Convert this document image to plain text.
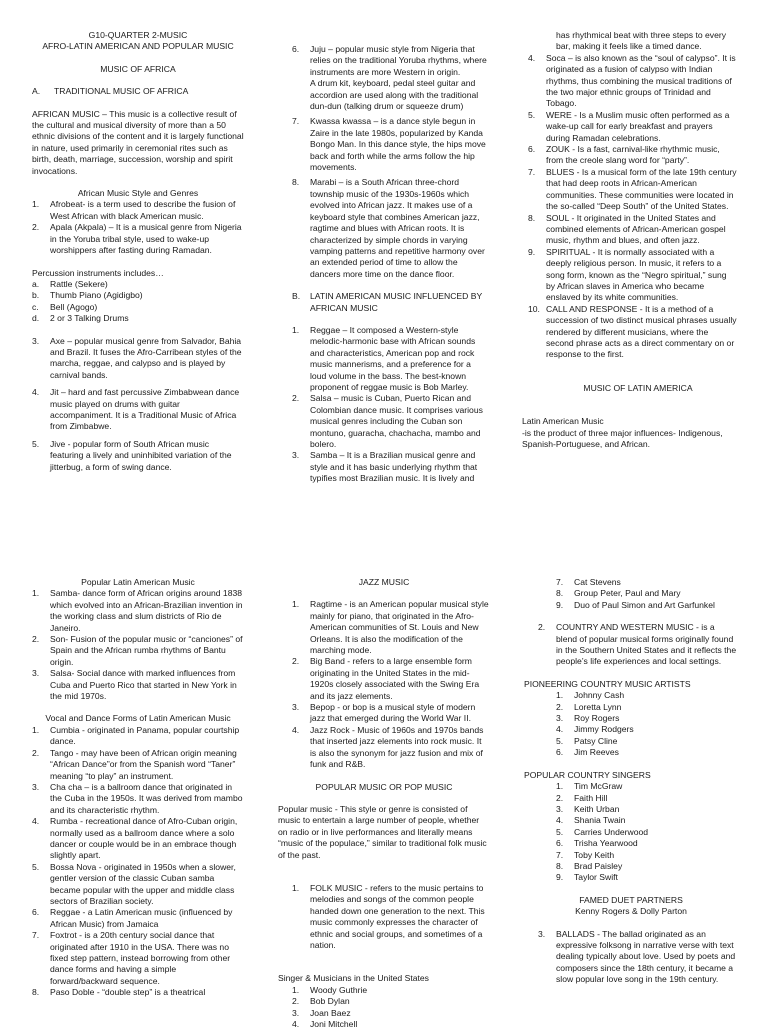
G10-QUARTER 2-MUSIC

AFRO-LATIN AMERICAN AND POPULAR MUSIC

MUSIC OF AFRICA

A. TRADITIONAL MUSIC OF AFRICA

AFRICAN MUSIC – This music is a collective result of the cultural and musical diversity of more than a 50 ethnic divisions of the content and it is largely functional in nature, used primarily in ceremonial rites such as birth, death, marriage, succession, worship and spirit invocations.

African Music Style and Genres

1. Afrobeat- is a term used to describe the fusion of West African with black American music.
2. Apala (Akpala) – It is a musical genre from Nigeria in the Yoruba tribal style, used to wake-up worshippers after fasting during Ramadan.

Percussion instruments includes…

a. Rattle (Sekere)
b. Thumb Piano (Agidigbo)
c. Bell (Agogo)
d. 2 or 3 Talking Drums
3. Axe – popular musical genre from Salvador, Bahia and Brazil. It fuses the Afro-Carribean styles of the marcha, reggae, and calypso and is played by carnival bands.
4. Jit – hard and fast percussive Zimbabwean dance music played on drums with guitar accompaniment. It is a Traditional Music of Africa from Zimbabwe.
5. Jive - popular form of South African music featuring a lively and uninhibited variation of the jitterbug, a form of swing dance.
6. Juju – popular music style from Nigeria that relies on the traditional Yoruba rhythms, where instruments are more Western in origin.
A drum kit, keyboard, pedal steel guitar and accordion are used along with the traditional dun-dun (talking drum or squeeze drum)
7. Kwassa kwassa – is a dance style begun in Zaire in the late 1980s, popularized by Kanda Bongo Man. In this dance style, the hips move back and forth while the arms follow the hip movements.
8. Marabi – is a South African three-chord township music of the 1930s-1960s which evolved into African jazz. It makes use of a keyboard style that combines American jazz, ragtime and blues with African roots. It is characterized by simple chords in varying vamping patterns and repetitive harmony over an extended period of time to allow the dancers more time on the dance floor.
B. LATIN AMERICAN MUSIC INFLUENCED BY AFRICAN MUSIC
1. Reggae – It composed a Western-style melodic-harmonic base with African sounds and characteristics, American pop and rock music mannerisms, and a preference for a loud volume in the bass. The best-known proponent of reggae music is Bob Marley.
2. Salsa – music is Cuban, Puerto Rican and Colombian dance music. It comprises various musical genres including the Cuban son montuno, guaracha, chachacha, mambo and bolero.
3. Samba – It is a Brazilian musical genre and style and it has basic underlying rhythm that typifies most Brazilian music. It is lively and

has rhythmical beat with three steps to every bar, making it feels like a timed dance.

4. Soca – is also known as the “soul of calypso”. It is originated as a fusion of calypso with Indian rhythms, thus combining the musical traditions of the two major ethnic groups of Trinidad and Tobago.
5. WERE - Is a Muslim music often performed as a wake-up call for early breakfast and prayers during Ramadan celebrations.
6. ZOUK - Is a fast, carnival-like rhythmic music, from the creole slang word for “party”.
7. BLUES - Is a musical form of the late 19th century that had deep roots in African-American communities. These communities were located in the so-called “Deep South” of the United States.
8. SOUL - It originated in the United States and combined elements of African-American gospel music, rhythm and blues, and often jazz.
9. SPIRITUAL - It is normally associated with a deeply religious person. In music, it refers to a song form, known as the “Negro spiritual,” sung by African slaves in America who became enslaved by its white communities.
10. CALL AND RESPONSE - It is a method of a succession of two distinct musical phrases usually rendered by different musicians, where the second phrase acts as a direct commentary on or response to the first.

MUSIC OF LATIN AMERICA

Latin American Music

-is the product of three major influences- Indigenous, Spanish-Portuguese, and African.

Popular Latin American Music

1. Samba- dance form of African origins around 1838 which evolved into an African-Brazilian invention in the working class and slum districts of Rio de Janeiro.
2. Son- Fusion of the popular music or “canciones” of Spain and the African rumba rhythms of Bantu origin.
3. Salsa- Social dance with marked influences from Cuba and Puerto Rico that started in New York in the mid 1970s.

Vocal and Dance Forms of Latin American Music

1. Cumbia - originated in Panama, popular courtship dance.
2. Tango - may have been of African origin meaning “African Dance”or from the Spanish word “Taner” meaning “to play” an instrument.
3. Cha cha – is a ballroom dance that originated in the Cuba in the 1950s. It was derived from mambo and its characteristic rhythm.
4. Rumba - recreational dance of Afro-Cuban origin, normally used as a ballroom dance where a solo dancer or couple would be in an embrace though slightly apart.
5. Bossa Nova - originated in 1950s when a slower, gentler version of the classic Cuban samba became popular with the upper and middle class sectors of Brazilian society.
6. Reggae - a Latin American music (influenced by African Music) from Jamaica
7. Foxtrot - is a 20th century social dance that originated after 1910 in the USA. There was no fixed step pattern, instead borrowing from other dance forms and having a simple forward/backward sequence.
8. Paso Doble - “double step” is a theatrical

JAZZ MUSIC

1. Ragtime - is an American popular musical style mainly for piano, that originated in the Afro-American communities of St. Louis and New Orleans. It is also the modification of the marching mode.
2. Big Band - refers to a large ensemble form originating in the United States in the mid-1920s closely associated with the Swing Era and its jazz elements.
3. Bepop - or bop is a musical style of modern jazz that emerged during the World War II.
4. Jazz Rock - Music of 1960s and 1970s bands that inserted jazz elements into rock music. It is also the synonym for jazz fusion and mix of funk and R&B.

POPULAR MUSIC OR POP MUSIC

Popular music - This style or genre is consisted of music to entertain a large number of people, whether on radio or in live performances and literally means “music of the populace,” similar to traditional folk music of the past.

1. FOLK MUSIC - refers to the music pertains to melodies and songs of the common people handed down one generation to the next. This music commonly expresses the character of ethnic and social groups, and sometimes of a nation.

Singer & Musicians in the United States

1. Woody Guthrie
2. Bob Dylan
3. Joan Baez
4. Joni Mitchell
7. Cat Stevens
8. Group Peter, Paul and Mary
9. Duo of Paul Simon and Art Garfunkel
2. COUNTRY AND WESTERN MUSIC - is a blend of popular musical forms originally found in the Southern United States and it reflects the people’s life experiences and local settings.

PIONEERING COUNTRY MUSIC ARTISTS

1. Johnny Cash
2. Loretta Lynn
3. Roy Rogers
4. Jimmy Rodgers
5. Patsy Cline
6. Jim Reeves

POPULAR COUNTRY SINGERS

1. Tim McGraw
2. Faith Hill
3. Keith Urban
4. Shania Twain
5. Carries Underwood
6. Trisha Yearwood
7. Toby Keith
8. Brad Paisley
9. Taylor Swift

FAMED DUET PARTNERS

Kenny Rogers & Dolly Parton

3. BALLADS - The ballad originated as an expressive folksong in narrative verse with text dealing typically about love. Used by poets and composers since the 18th century, it became a slow popular love song in the 19th century.
